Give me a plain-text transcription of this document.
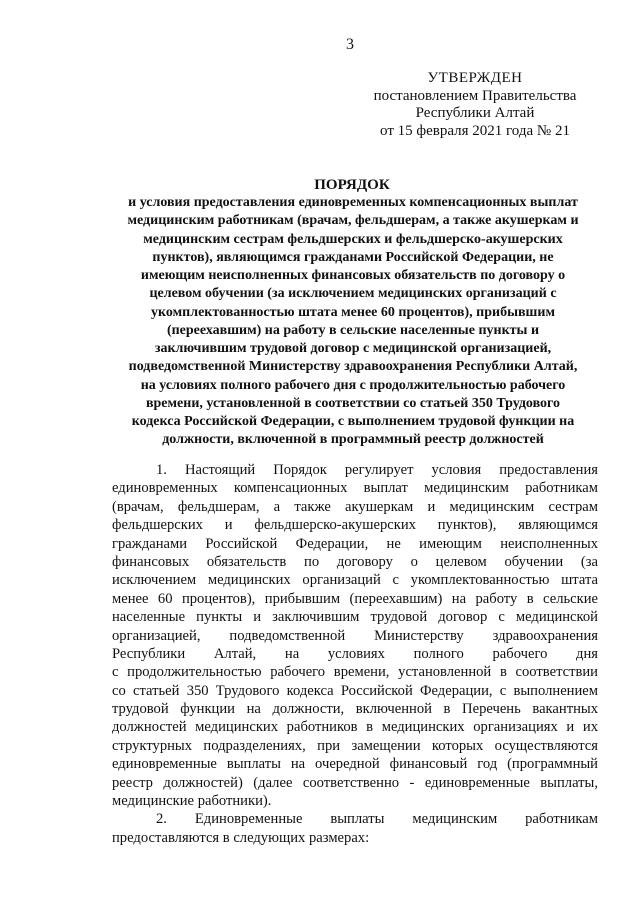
3
УТВЕРЖДЕН
постановлением Правительства
Республики Алтай
от 15 февраля 2021 года № 21
ПОРЯДОК
и условия предоставления единовременных компенсационных выплат
медицинским работникам (врачам, фельдшерам, а также акушеркам и
медицинским сестрам фельдшерских и фельдшерско-акушерских
пунктов), являющимся гражданами Российской Федерации, не
имеющим неисполненных финансовых обязательств по договору о
целевом обучении (за исключением медицинских организаций с
укомплектованностью штата менее 60 процентов), прибывшим
(переехавшим) на работу в сельские населенные пункты и
заключившим трудовой договор с медицинской организацией,
подведомственной Министерству здравоохранения Республики Алтай,
на условиях полного рабочего дня с продолжительностью рабочего
времени, установленной в соответствии со статьей 350 Трудового
кодекса Российской Федерации, с выполнением трудовой функции на
должности, включенной в программный реестр должностей
1. Настоящий Порядок регулирует условия предоставления
единовременных компенсационных выплат медицинским работникам
(врачам, фельдшерам, а также акушеркам и медицинским сестрам
фельдшерских и фельдшерско-акушерских пунктов), являющимся
гражданами Российской Федерации, не имеющим неисполненных
финансовых обязательств по договору о целевом обучении (за
исключением медицинских организаций с укомплектованностью штата
менее 60 процентов), прибывшим (переехавшим) на работу в сельские
населенные пункты и заключившим трудовой договор с медицинской
организацией, подведомственной Министерству здравоохранения
Республики Алтай, на условиях полного рабочего дня
с продолжительностью рабочего времени, установленной в соответствии
со статьей 350 Трудового кодекса Российской Федерации, с выполнением
трудовой функции на должности, включенной в Перечень вакантных
должностей медицинских работников в медицинских организациях и их
структурных подразделениях, при замещении которых осуществляются
единовременные выплаты на очередной финансовый год (программный
реестр должностей) (далее соответственно - единовременные выплаты,
медицинские работники).
2. Единовременные выплаты медицинским работникам
предоставляются в следующих размерах:
